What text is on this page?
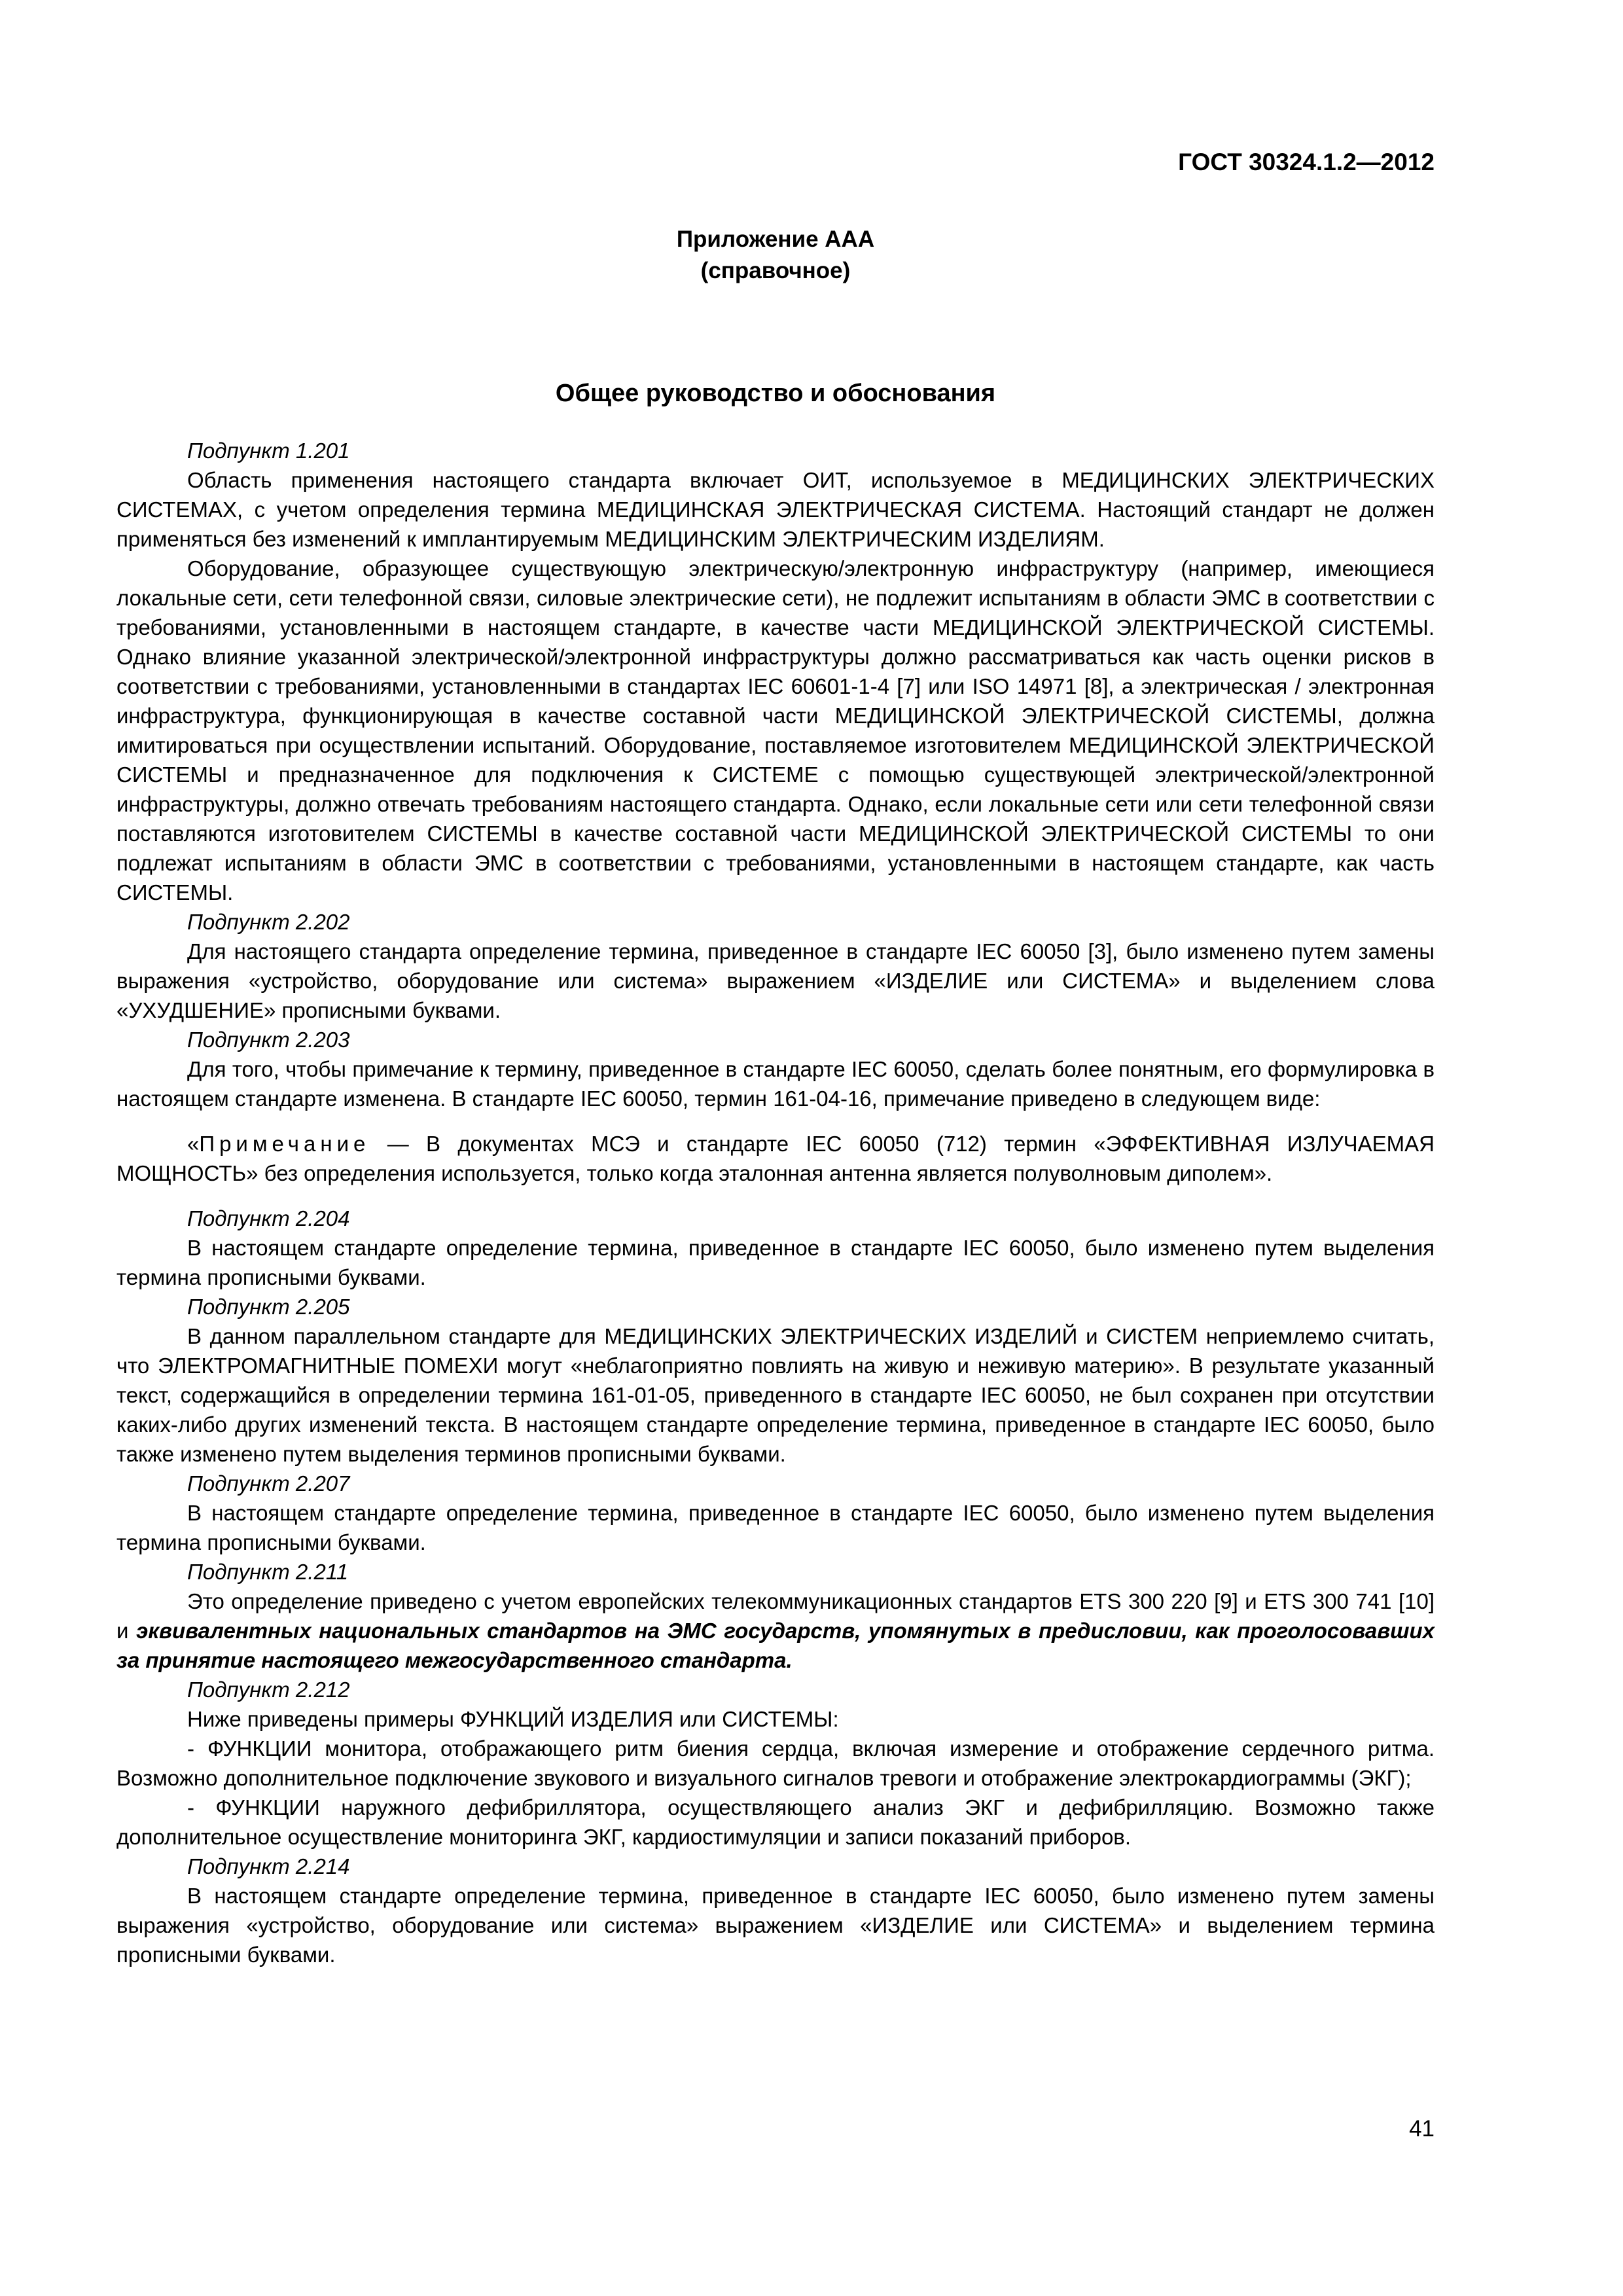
ГОСТ 30324.1.2—2012
Приложение ААА
(справочное)
Общее руководство и обоснования
Подпункт 1.201

Область применения настоящего стандарта включает ОИТ, используемое в МЕДИЦИНСКИХ ЭЛЕКТРИЧЕСКИХ СИСТЕМАХ, с учетом определения термина МЕДИЦИНСКАЯ ЭЛЕКТРИЧЕСКАЯ СИСТЕМА. Настоящий стандарт не должен применяться без изменений к имплантируемым МЕДИЦИНСКИМ ЭЛЕКТРИЧЕСКИМ ИЗДЕЛИЯМ.

Оборудование, образующее существующую электрическую/электронную инфраструктуру (например, имеющиеся локальные сети, сети телефонной связи, силовые электрические сети), не подлежит испытаниям в области ЭМС в соответствии с требованиями, установленными в настоящем стандарте, в качестве части МЕДИЦИНСКОЙ ЭЛЕКТРИЧЕСКОЙ СИСТЕМЫ. Однако влияние указанной электрической/электронной инфраструктуры должно рассматриваться как часть оценки рисков в соответствии с требованиями, установленными в стандартах IEC 60601-1-4 [7] или ISO 14971 [8], а электрическая / электронная инфраструктура, функционирующая в качестве составной части МЕДИЦИНСКОЙ ЭЛЕКТРИЧЕСКОЙ СИСТЕМЫ, должна имитироваться при осуществлении испытаний. Оборудование, поставляемое изготовителем МЕДИЦИНСКОЙ ЭЛЕКТРИЧЕСКОЙ СИСТЕМЫ и предназначенное для подключения к СИСТЕМЕ с помощью существующей электрической/электронной инфраструктуры, должно отвечать требованиям настоящего стандарта. Однако, если локальные сети или сети телефонной связи поставляются изготовителем СИСТЕМЫ в качестве составной части МЕДИЦИНСКОЙ ЭЛЕКТРИЧЕСКОЙ СИСТЕМЫ то они подлежат испытаниям в области ЭМС в соответствии с требованиями, установленными в настоящем стандарте, как часть СИСТЕМЫ.

Подпункт 2.202

Для настоящего стандарта определение термина, приведенное в стандарте IEC 60050 [3], было изменено путем замены выражения «устройство, оборудование или система» выражением «ИЗДЕЛИЕ или СИСТЕМА» и выделением слова «УХУДШЕНИЕ» прописными буквами.

Подпункт 2.203

Для того, чтобы примечание к термину, приведенное в стандарте IEC 60050, сделать более понятным, его формулировка в настоящем стандарте изменена. В стандарте IEC 60050, термин 161-04-16, примечание приведено в следующем виде:

«Примечание — В документах МСЭ и стандарте IEC 60050 (712) термин «ЭФФЕКТИВНАЯ ИЗЛУЧАЕМАЯ МОЩНОСТЬ» без определения используется, только когда эталонная антенна является полуволновым диполем».

Подпункт 2.204

В настоящем стандарте определение термина, приведенное в стандарте IEC 60050, было изменено путем выделения термина прописными буквами.

Подпункт 2.205

В данном параллельном стандарте для МЕДИЦИНСКИХ ЭЛЕКТРИЧЕСКИХ ИЗДЕЛИЙ и СИСТЕМ неприемлемо считать, что ЭЛЕКТРОМАГНИТНЫЕ ПОМЕХИ могут «неблагоприятно повлиять на живую и неживую материю». В результате указанный текст, содержащийся в определении термина 161-01-05, приведенного в стандарте IEC 60050, не был сохранен при отсутствии каких-либо других изменений текста. В настоящем стандарте определение термина, приведенное в стандарте IEC 60050, было также изменено путем выделения терминов прописными буквами.

Подпункт 2.207

В настоящем стандарте определение термина, приведенное в стандарте IEC 60050, было изменено путем выделения термина прописными буквами.

Подпункт 2.211

Это определение приведено с учетом европейских телекоммуникационных стандартов ETS 300 220 [9] и ETS 300 741 [10] и эквивалентных национальных стандартов на ЭМС государств, упомянутых в предисловии, как проголосовавших за принятие настоящего межгосударственного стандарта.

Подпункт 2.212

Ниже приведены примеры ФУНКЦИЙ ИЗДЕЛИЯ или СИСТЕМЫ:

- ФУНКЦИИ монитора, отображающего ритм биения сердца, включая измерение и отображение сердечного ритма. Возможно дополнительное подключение звукового и визуального сигналов тревоги и отображение электрокардиограммы (ЭКГ);

- ФУНКЦИИ наружного дефибриллятора, осуществляющего анализ ЭКГ и дефибрилляцию. Возможно также дополнительное осуществление мониторинга ЭКГ, кардиостимуляции и записи показаний приборов.

Подпункт 2.214

В настоящем стандарте определение термина, приведенное в стандарте IEC 60050, было изменено путем замены выражения «устройство, оборудование или система» выражением «ИЗДЕЛИЕ или СИСТЕМА» и выделением термина прописными буквами.

41
